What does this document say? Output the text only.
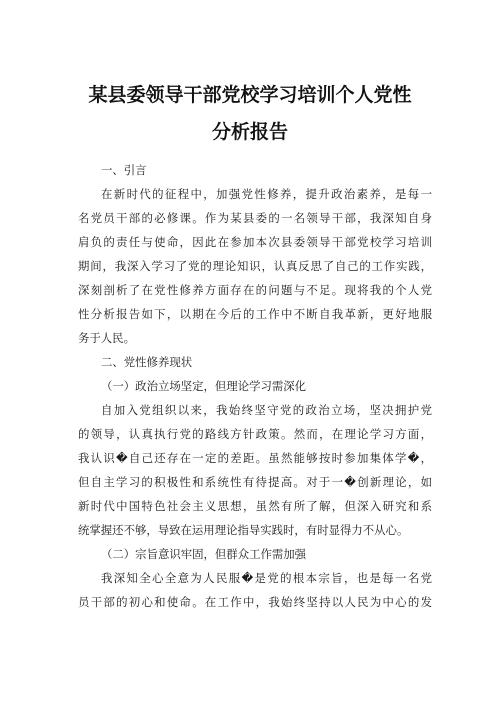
某县委领导干部党校学习培训个人党性
分析报告

一、引言

在新时代的征程中，加强党性修养，提升政治素养，是每一

名党员干部的必修课。作为某县委的一名领导干部，我深知自身

肩负的责任与使命，因此在参加本次县委领导干部党校学习培训

期间，我深入学习了党的理论知识，认真反思了自己的工作实践，

深刻剖析了在党性修养方面存在的问题与不足。现将我的个人党

性分析报告如下，以期在今后的工作中不断自我革新，更好地服

务于人民。

二、党性修养现状

（一）政治立场坚定，但理论学习需深化

自加入党组织以来，我始终坚守党的政治立场，坚决拥护党

的领导，认真执行党的路线方针政策。然而，在理论学习方面，

我认识�自己还存在一定的差距。虽然能够按时参加集体学�，

但自主学习的积极性和系统性有待提高。对于一�创新理论，如

新时代中国特色社会主义思想，虽然有所了解，但深入研究和系

统掌握还不够，导致在运用理论指导实践时，有时显得力不从心。

（二）宗旨意识牢固，但群众工作需加强

我深知全心全意为人民服�是党的根本宗旨，也是每一名党

员干部的初心和使命。在工作中，我始终坚持以人民为中心的发
